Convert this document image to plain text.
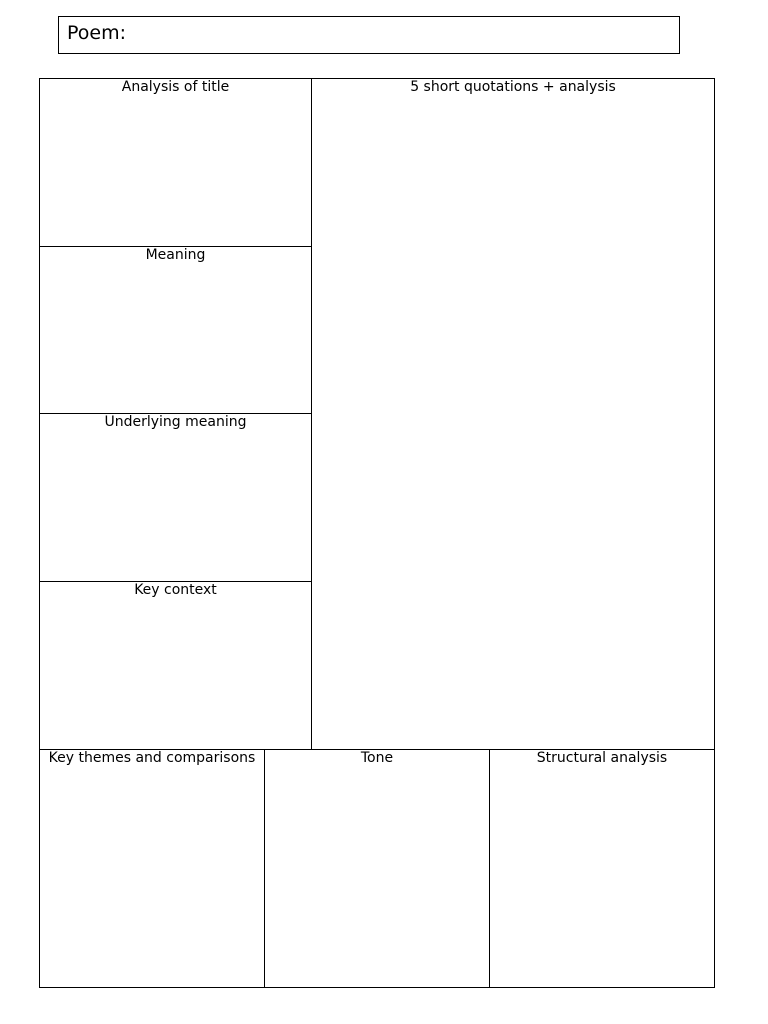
Poem:
Analysis of title
Meaning
Underlying meaning
Key context
5 short quotations + analysis
Key themes and comparisons	Tone	Structural analysis
